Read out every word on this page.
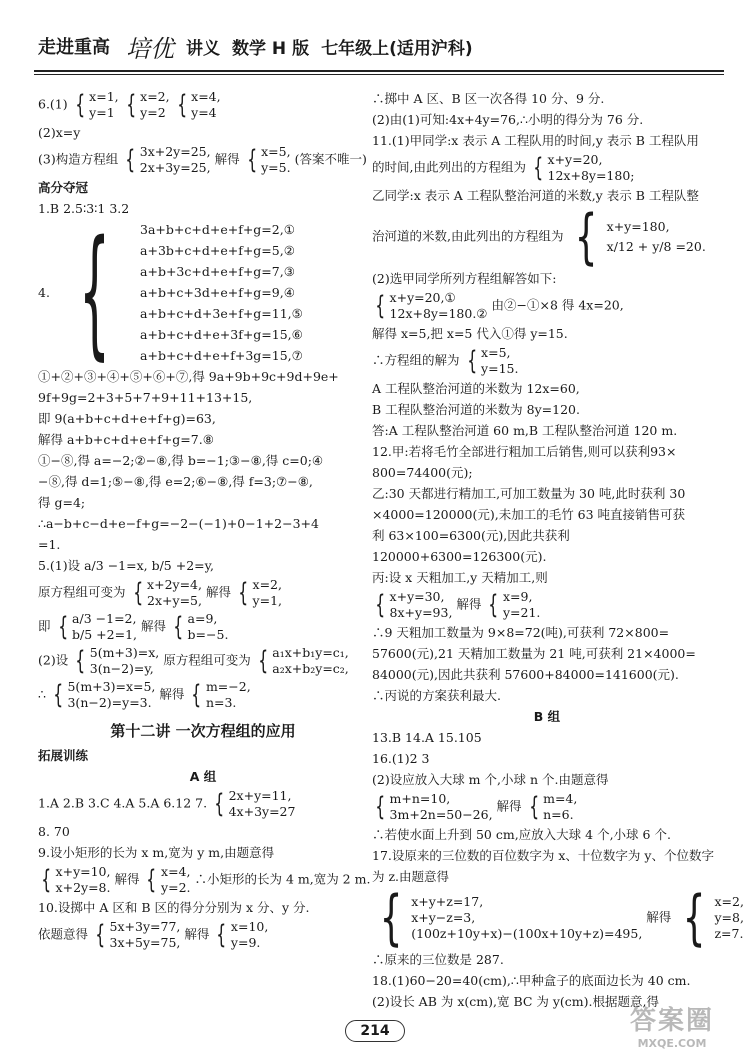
走进重高 培优 讲义 数学 H 版 七年级上(适用沪科)
6.(1) { x=1,
y=1
{ x=2,
y=2
{ x=4,
y=4
(2)x=y
(3)构造方程组 { 3x+2y=25,
2x+3y=25,
解得 { x=5,
y=5.
(答案不唯一)
高分夺冠
1.B 2.5∶3∶1 3.2
4. { 3a+b+c+d+e+f+g=2,①
a+3b+c+d+e+f+g=5,②
a+b+3c+d+e+f+g=7,③
a+b+c+3d+e+f+g=9,④
a+b+c+d+3e+f+g=11,⑤
a+b+c+d+e+3f+g=15,⑥
a+b+c+d+e+f+3g=15,⑦
①+②+③+④+⑤+⑥+⑦,得 9a+9b+9c+9d+9e+
9f+9g=2+3+5+7+9+11+13+15,
即 9(a+b+c+d+e+f+g)=63,
解得 a+b+c+d+e+f+g=7.⑧
①−⑧,得 a=−2;②−⑧,得 b=−1;③−⑧,得 c=0;④
−⑧,得 d=1;⑤−⑧,得 e=2;⑥−⑧,得 f=3;⑦−⑧,
得 g=4;
∴a−b+c−d+e−f+g=−2−(−1)+0−1+2−3+4
=1.
5.(1)设 a/3 −1=x, b/5 +2=y,
原方程组可变为 { x+2y=4,
2x+y=5,
解得 { x=2,
y=1,
即 { a/3 −1=2,
b/5 +2=1,
解得 { a=9,
b=−5.
(2)设 { 5(m+3)=x,
3(n−2)=y,
原方程组可变为 { a₁x+b₁y=c₁,
a₂x+b₂y=c₂,
∴ { 5(m+3)=x=5,
3(n−2)=y=3.
解得 { m=−2,
n=3.
第十二讲 一次方程组的应用
拓展训练
A 组
1.A 2.B 3.C 4.A 5.A 6.12 7. { 2x+y=11,
4x+3y=27
8. 70
9.设小矩形的长为 x m,宽为 y m,由题意得
{ x+y=10,
x+2y=8.
解得 { x=4,
y=2.
∴小矩形的长为 4 m,宽为 2 m.
10.设掷中 A 区和 B 区的得分分别为 x 分、y 分.
依题意得 { 5x+3y=77,
3x+5y=75,
解得 { x=10,
y=9.
∴掷中 A 区、B 区一次各得 10 分、9 分.
(2)由(1)可知:4x+4y=76,∴小明的得分为 76 分.
11.(1)甲同学:x 表示 A 工程队用的时间,y 表示 B 工程队用
的时间,由此列出的方程组为 { x+y=20,
12x+8y=180;
乙同学:x 表示 A 工程队整治河道的米数,y 表示 B 工程队整
治河道的米数,由此列出的方程组为 { x+y=180,
x/12 + y/8 =20.
(2)选甲同学所列方程组解答如下:
{ x+y=20,①
12x+8y=180.②
由②−①×8 得 4x=20,
解得 x=5,把 x=5 代入①得 y=15.
∴方程组的解为 { x=5,
y=15.
A 工程队整治河道的米数为 12x=60,
B 工程队整治河道的米数为 8y=120.
答:A 工程队整治河道 60 m,B 工程队整治河道 120 m.
12.甲:若将毛竹全部进行粗加工后销售,则可以获利93×
800=74400(元);
乙:30 天都进行精加工,可加工数量为 30 吨,此时获利 30
×4000=120000(元),未加工的毛竹 63 吨直接销售可获
利 63×100=6300(元),因此共获利
120000+6300=126300(元).
丙:设 x 天粗加工,y 天精加工,则
{ x+y=30,
8x+y=93,
解得 { x=9,
y=21.
∴9 天粗加工数量为 9×8=72(吨),可获利 72×800=
57600(元),21 天精加工数量为 21 吨,可获利 21×4000=
84000(元),因此共获利 57600+84000=141600(元).
∴丙说的方案获利最大.
B 组
13.B 14.A 15.105
16.(1)2 3
(2)设应放入大球 m 个,小球 n 个.由题意得
{ m+n=10,
3m+2n=50−26,
解得 { m=4,
n=6.
∴若使水面上升到 50 cm,应放入大球 4 个,小球 6 个.
17.设原来的三位数的百位数字为 x、十位数字为 y、个位数字
为 z.由题意得
{ x+y+z=17,
x+y−z=3,
(100z+10y+x)−(100x+10y+z)=495,
解得 { x=2,
y=8,
z=7.
∴原来的三位数是 287.
18.(1)60−20=40(cm),∴甲种盒子的底面边长为 40 cm.
(2)设长 AB 为 x(cm),宽 BC 为 y(cm).根据题意,得
214	答案圈
MXQE.COM
